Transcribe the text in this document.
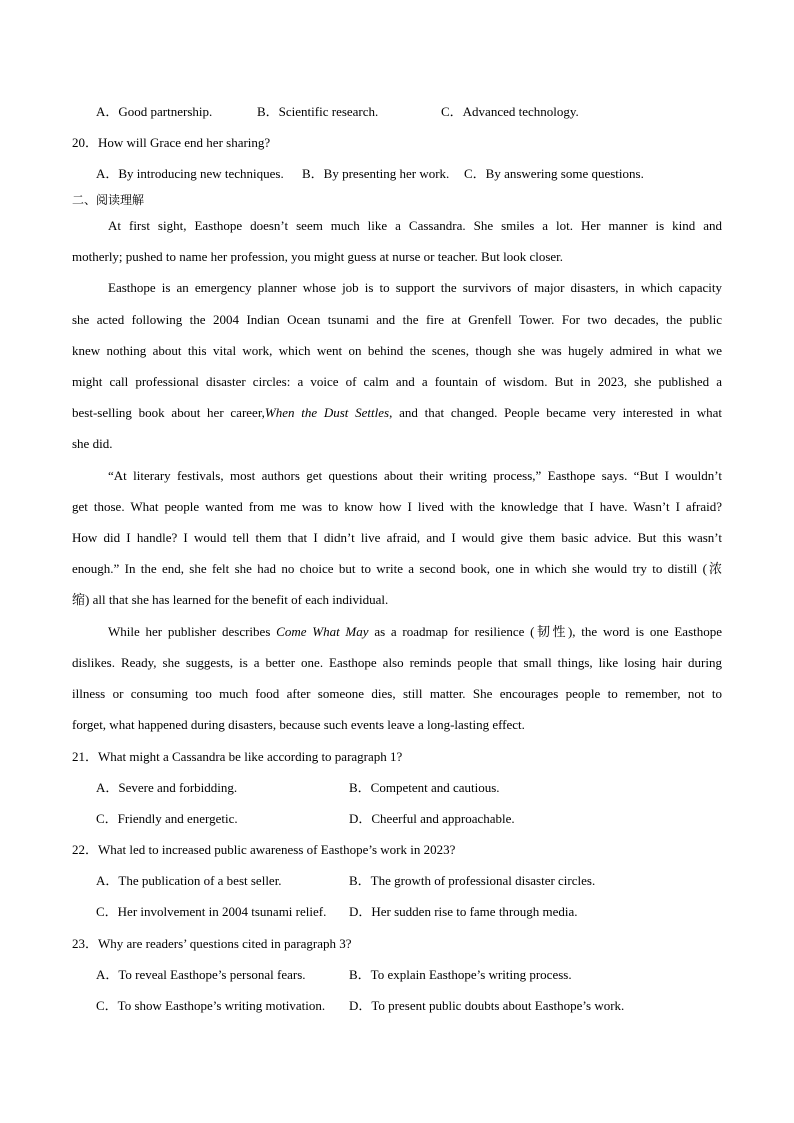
A．Good partnership.	B．Scientific research.	C．Advanced technology.
20．How will Grace end her sharing?
A．By introducing new techniques. B．By presenting her work. C．By answering some questions.
二、阅读理解
At first sight, Easthope doesn’t seem much like a Cassandra. She smiles a lot. Her manner is kind and
motherly; pushed to name her profession, you might guess at nurse or teacher. But look closer.
Easthope is an emergency planner whose job is to support the survivors of major disasters, in which capacity
she acted following the 2004 Indian Ocean tsunami and the fire at Grenfell Tower. For two decades, the public
knew nothing about this vital work, which went on behind the scenes, though she was hugely admired in what we
might call professional disaster circles: a voice of calm and a fountain of wisdom. But in 2023, she published a
best-selling book about her career,When the Dust Settles, and that changed. People became very interested in what
she did.
“At literary festivals, most authors get questions about their writing process,” Easthope says. “But I wouldn’t
get those. What people wanted from me was to know how I lived with the knowledge that I have. Wasn’t I afraid?
How did I handle? I would tell them that I didn’t live afraid, and I would give them basic advice. But this wasn’t
enough.” In the end, she felt she had no choice but to write a second book, one in which she would try to distill (浓
缩) all that she has learned for the benefit of each individual.
While her publisher describes Come What May as a roadmap for resilience (韧性), the word is one Easthope
dislikes. Ready, she suggests, is a better one. Easthope also reminds people that small things, like losing hair during
illness or consuming too much food after someone dies, still matter. She encourages people to remember, not to
forget, what happened during disasters, because such events leave a long-lasting effect.
21．What might a Cassandra be like according to paragraph 1?
A．Severe and forbidding.	B．Competent and cautious.
C．Friendly and energetic.	D．Cheerful and approachable.
22．What led to increased public awareness of Easthope’s work in 2023?
A．The publication of a best seller.	B．The growth of professional disaster circles.
C．Her involvement in 2004 tsunami relief. D．Her sudden rise to fame through media.
23．Why are readers’ questions cited in paragraph 3?
A．To reveal Easthope’s personal fears.	B．To explain Easthope’s writing process.
C．To show Easthope’s writing motivation. D．To present public doubts about Easthope’s work.
